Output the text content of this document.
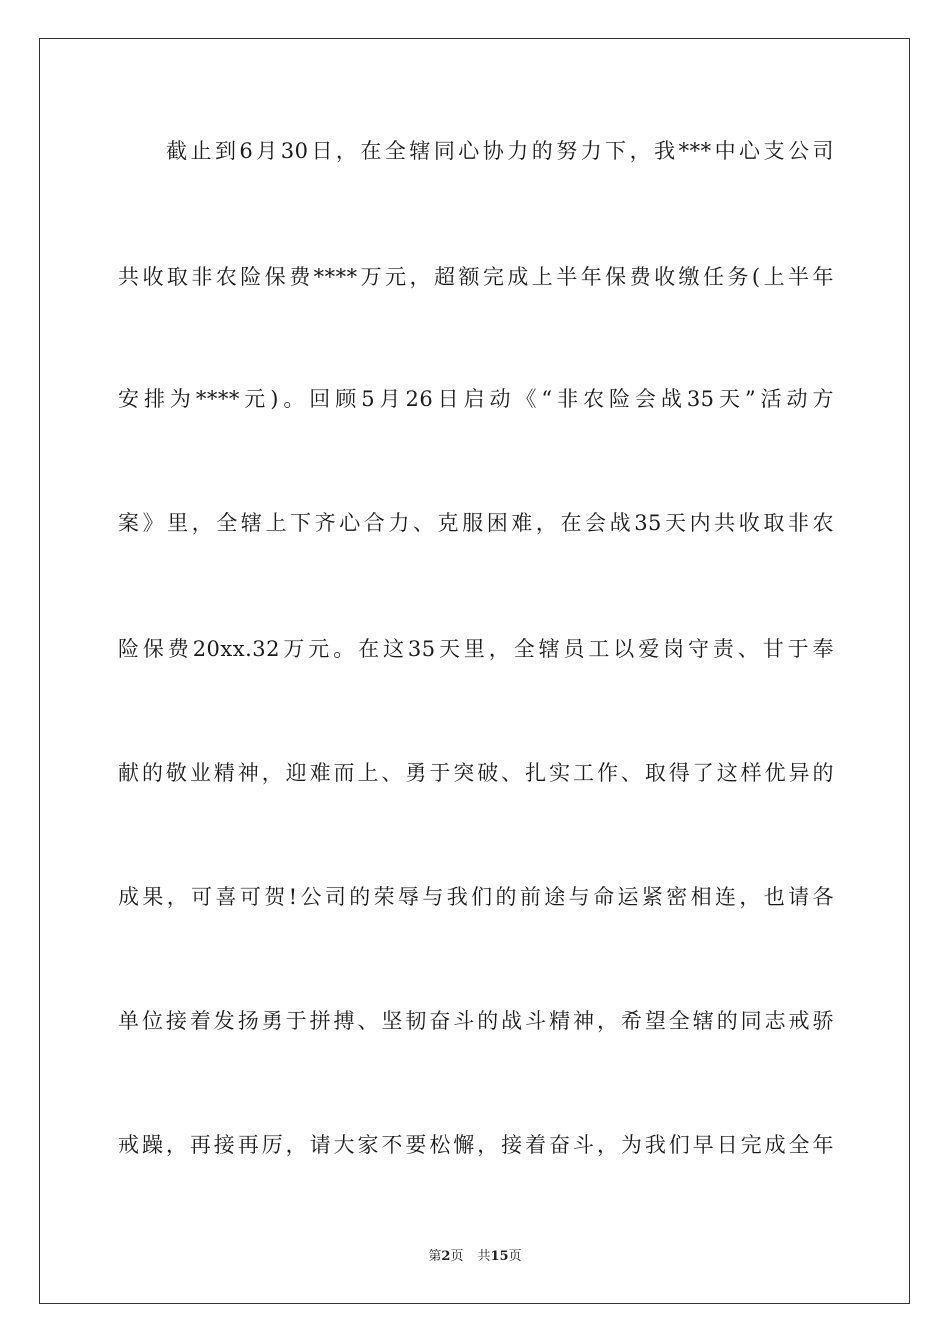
截止到6月30日，在全辖同心协力的努力下，我***中心支公司
共收取非农险保费****万元，超额完成上半年保费收缴任务(上半年
安排为****元)。回顾5月26日启动《“非农险会战35天”活动方
案》里，全辖上下齐心合力、克服困难，在会战35天内共收取非农
险保费20xx.32万元。在这35天里，全辖员工以爱岗守责、甘于奉
献的敬业精神，迎难而上、勇于突破、扎实工作、取得了这样优异的
成果，可喜可贺!公司的荣辱与我们的前途与命运紧密相连，也请各
单位接着发扬勇于拼搏、坚韧奋斗的战斗精神，希望全辖的同志戒骄
戒躁，再接再厉，请大家不要松懈，接着奋斗，为我们早日完成全年
第2页 共15页
